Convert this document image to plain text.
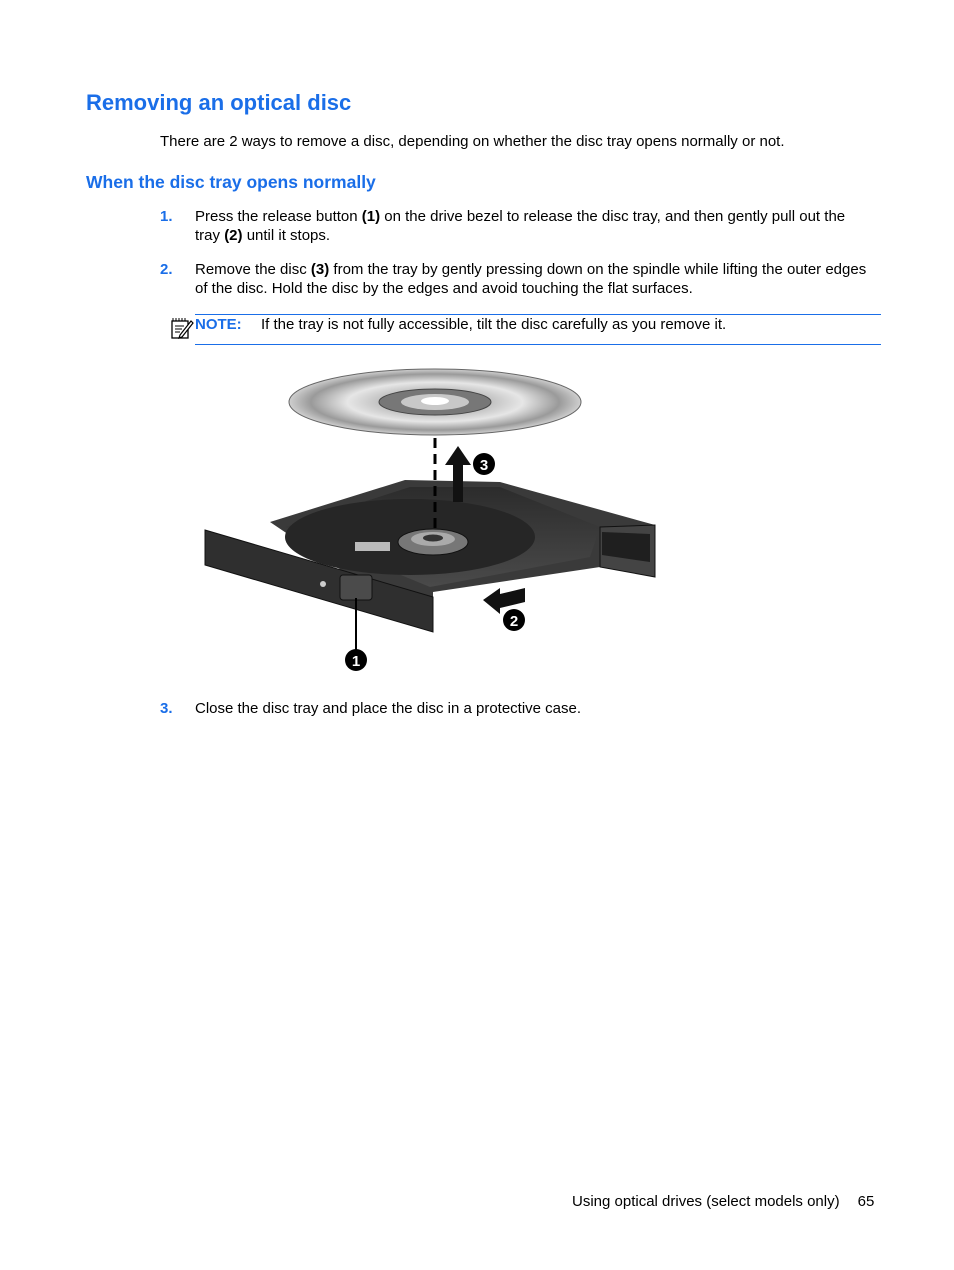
Removing an optical disc

There are 2 ways to remove a disc, depending on whether the disc tray opens normally or not.

When the disc tray opens normally
1. Press the release button (1) on the drive bezel to release the disc tray, and then gently pull out the tray (2) until it stops.
2. Remove the disc (3) from the tray by gently pressing down on the spindle while lifting the outer edges of the disc. Hold the disc by the edges and avoid touching the flat surfaces.
NOTE: If the tray is not fully accessible, tilt the disc carefully as you remove it.
1
2
3
3. Close the disc tray and place the disc in a protective case.
Using optical drives (select models only) 65
